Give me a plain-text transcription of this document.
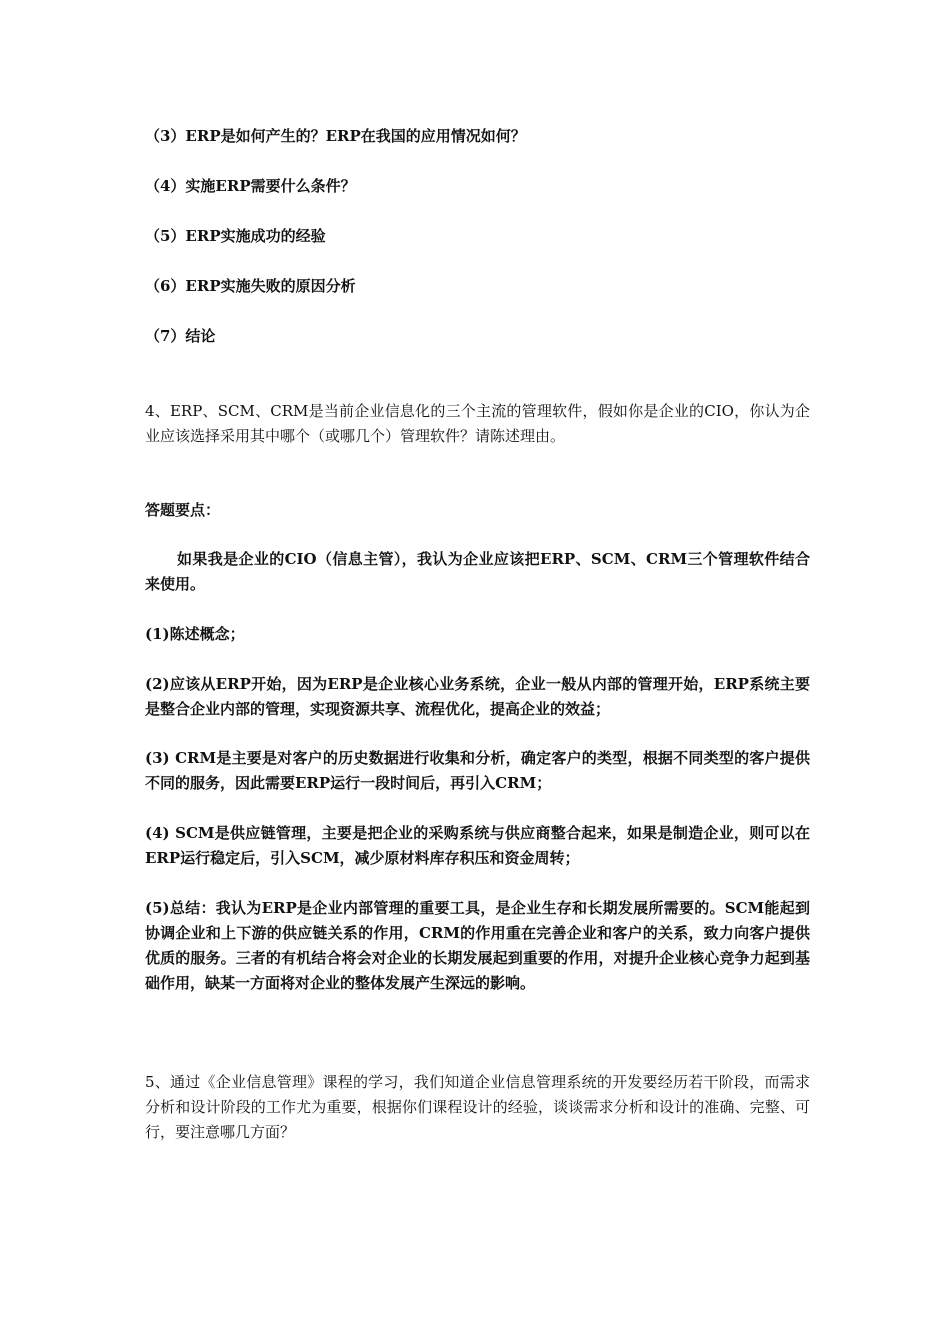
（3）ERP是如何产生的？ERP在我国的应用情况如何？
（4）实施ERP需要什么条件？
（5）ERP实施成功的经验
（6）ERP实施失败的原因分析
（7）结论

4、ERP、SCM、CRM是当前企业信息化的三个主流的管理软件，假如你是企业的CIO，你认为企业应该选择采用其中哪个（或哪几个）管理软件？请陈述理由。

答题要点：

如果我是企业的CIO（信息主管），我认为企业应该把ERP、SCM、CRM三个管理软件结合来使用。

(1)陈述概念；

(2)应该从ERP开始，因为ERP是企业核心业务系统，企业一般从内部的管理开始，ERP系统主要是整合企业内部的管理，实现资源共享、流程优化，提高企业的效益；

(3) CRM是主要是对客户的历史数据进行收集和分析，确定客户的类型，根据不同类型的客户提供不同的服务，因此需要ERP运行一段时间后，再引入CRM；

(4) SCM是供应链管理，主要是把企业的采购系统与供应商整合起来，如果是制造企业，则可以在ERP运行稳定后，引入SCM，减少原材料库存积压和资金周转；

(5)总结：我认为ERP是企业内部管理的重要工具，是企业生存和长期发展所需要的。SCM能起到协调企业和上下游的供应链关系的作用，CRM的作用重在完善企业和客户的关系，致力向客户提供优质的服务。三者的有机结合将会对企业的长期发展起到重要的作用，对提升企业核心竞争力起到基础作用，缺某一方面将对企业的整体发展产生深远的影响。

5、通过《企业信息管理》课程的学习，我们知道企业信息管理系统的开发要经历若干阶段，而需求分析和设计阶段的工作尤为重要，根据你们课程设计的经验，谈谈需求分析和设计的准确、完整、可行，要注意哪几方面？
